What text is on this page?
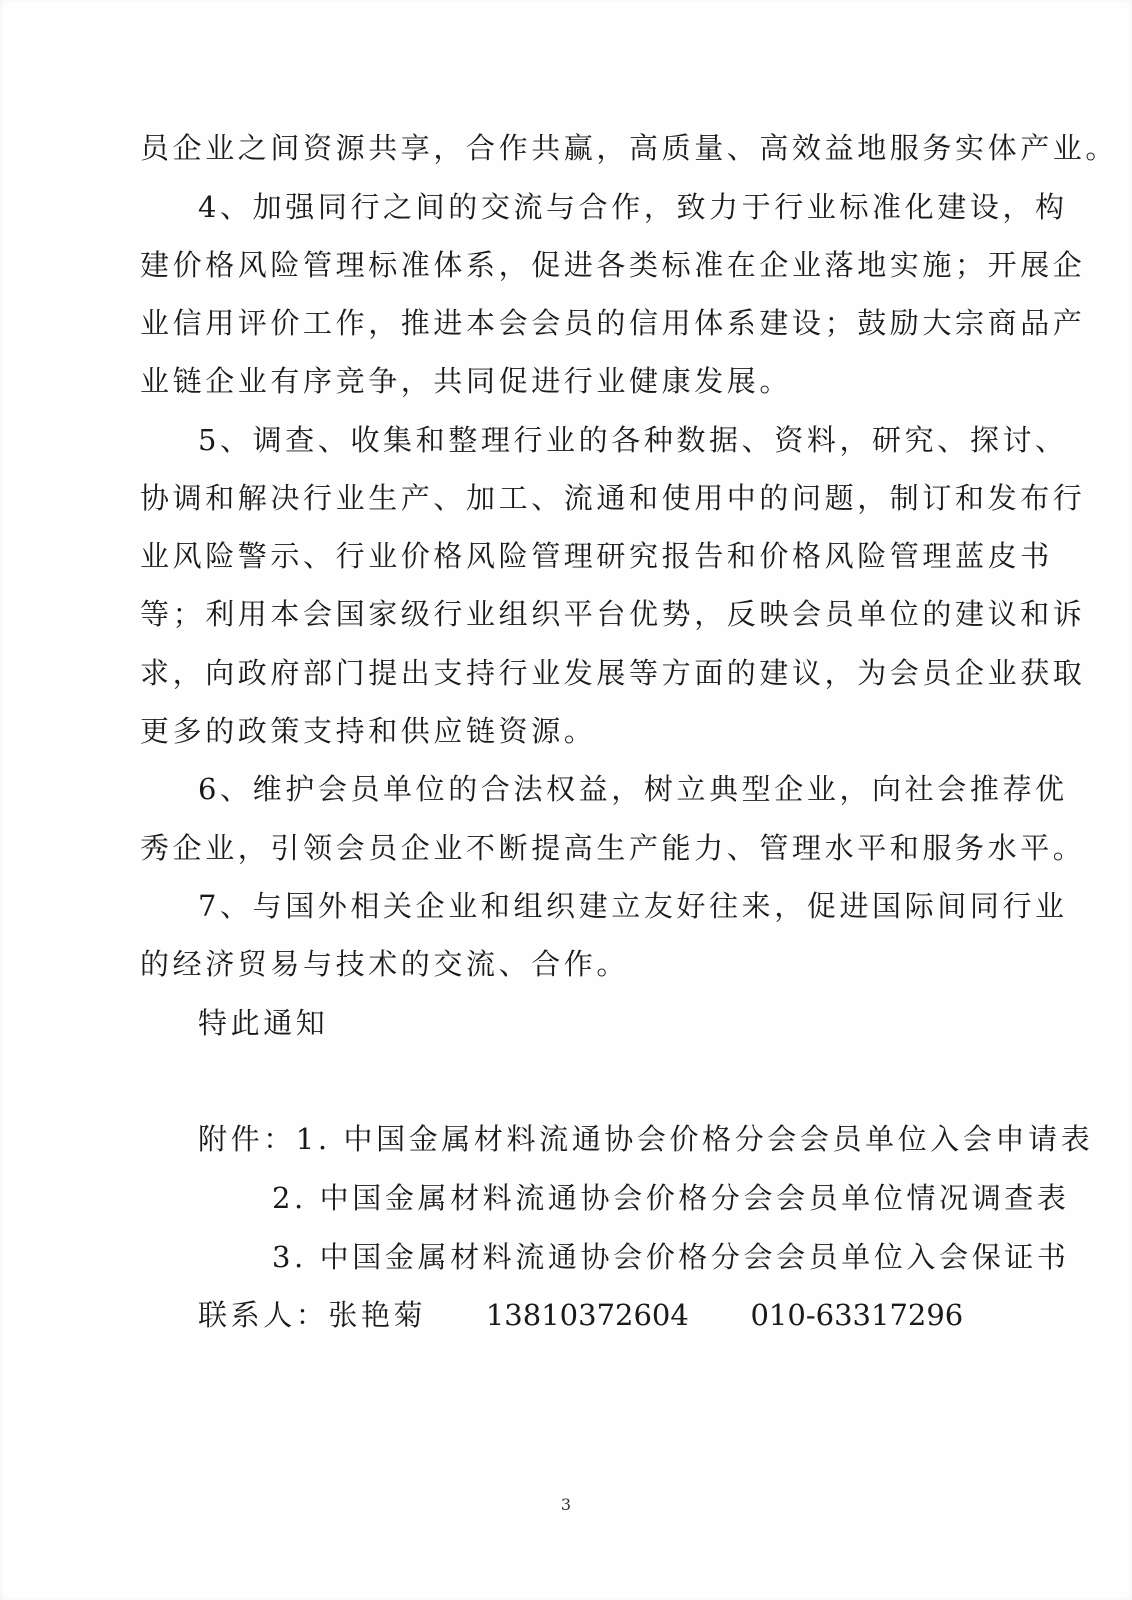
员企业之间资源共享，合作共赢，高质量、高效益地服务实体产业。
4、加强同行之间的交流与合作，致力于行业标准化建设，构
建价格风险管理标准体系，促进各类标准在企业落地实施；开展企
业信用评价工作，推进本会会员的信用体系建设；鼓励大宗商品产
业链企业有序竞争，共同促进行业健康发展。
5、调查、收集和整理行业的各种数据、资料，研究、探讨、
协调和解决行业生产、加工、流通和使用中的问题，制订和发布行
业风险警示、行业价格风险管理研究报告和价格风险管理蓝皮书
等；利用本会国家级行业组织平台优势，反映会员单位的建议和诉
求，向政府部门提出支持行业发展等方面的建议，为会员企业获取
更多的政策支持和供应链资源。
6、维护会员单位的合法权益，树立典型企业，向社会推荐优
秀企业，引领会员企业不断提高生产能力、管理水平和服务水平。
7、与国外相关企业和组织建立友好往来，促进国际间同行业
的经济贸易与技术的交流、合作。
特此通知
附件：1. 中国金属材料流通协会价格分会会员单位入会申请表
2. 中国金属材料流通协会价格分会会员单位情况调查表
3. 中国金属材料流通协会价格分会会员单位入会保证书
联系人：张艳菊 13810372604 010-63317296
3
